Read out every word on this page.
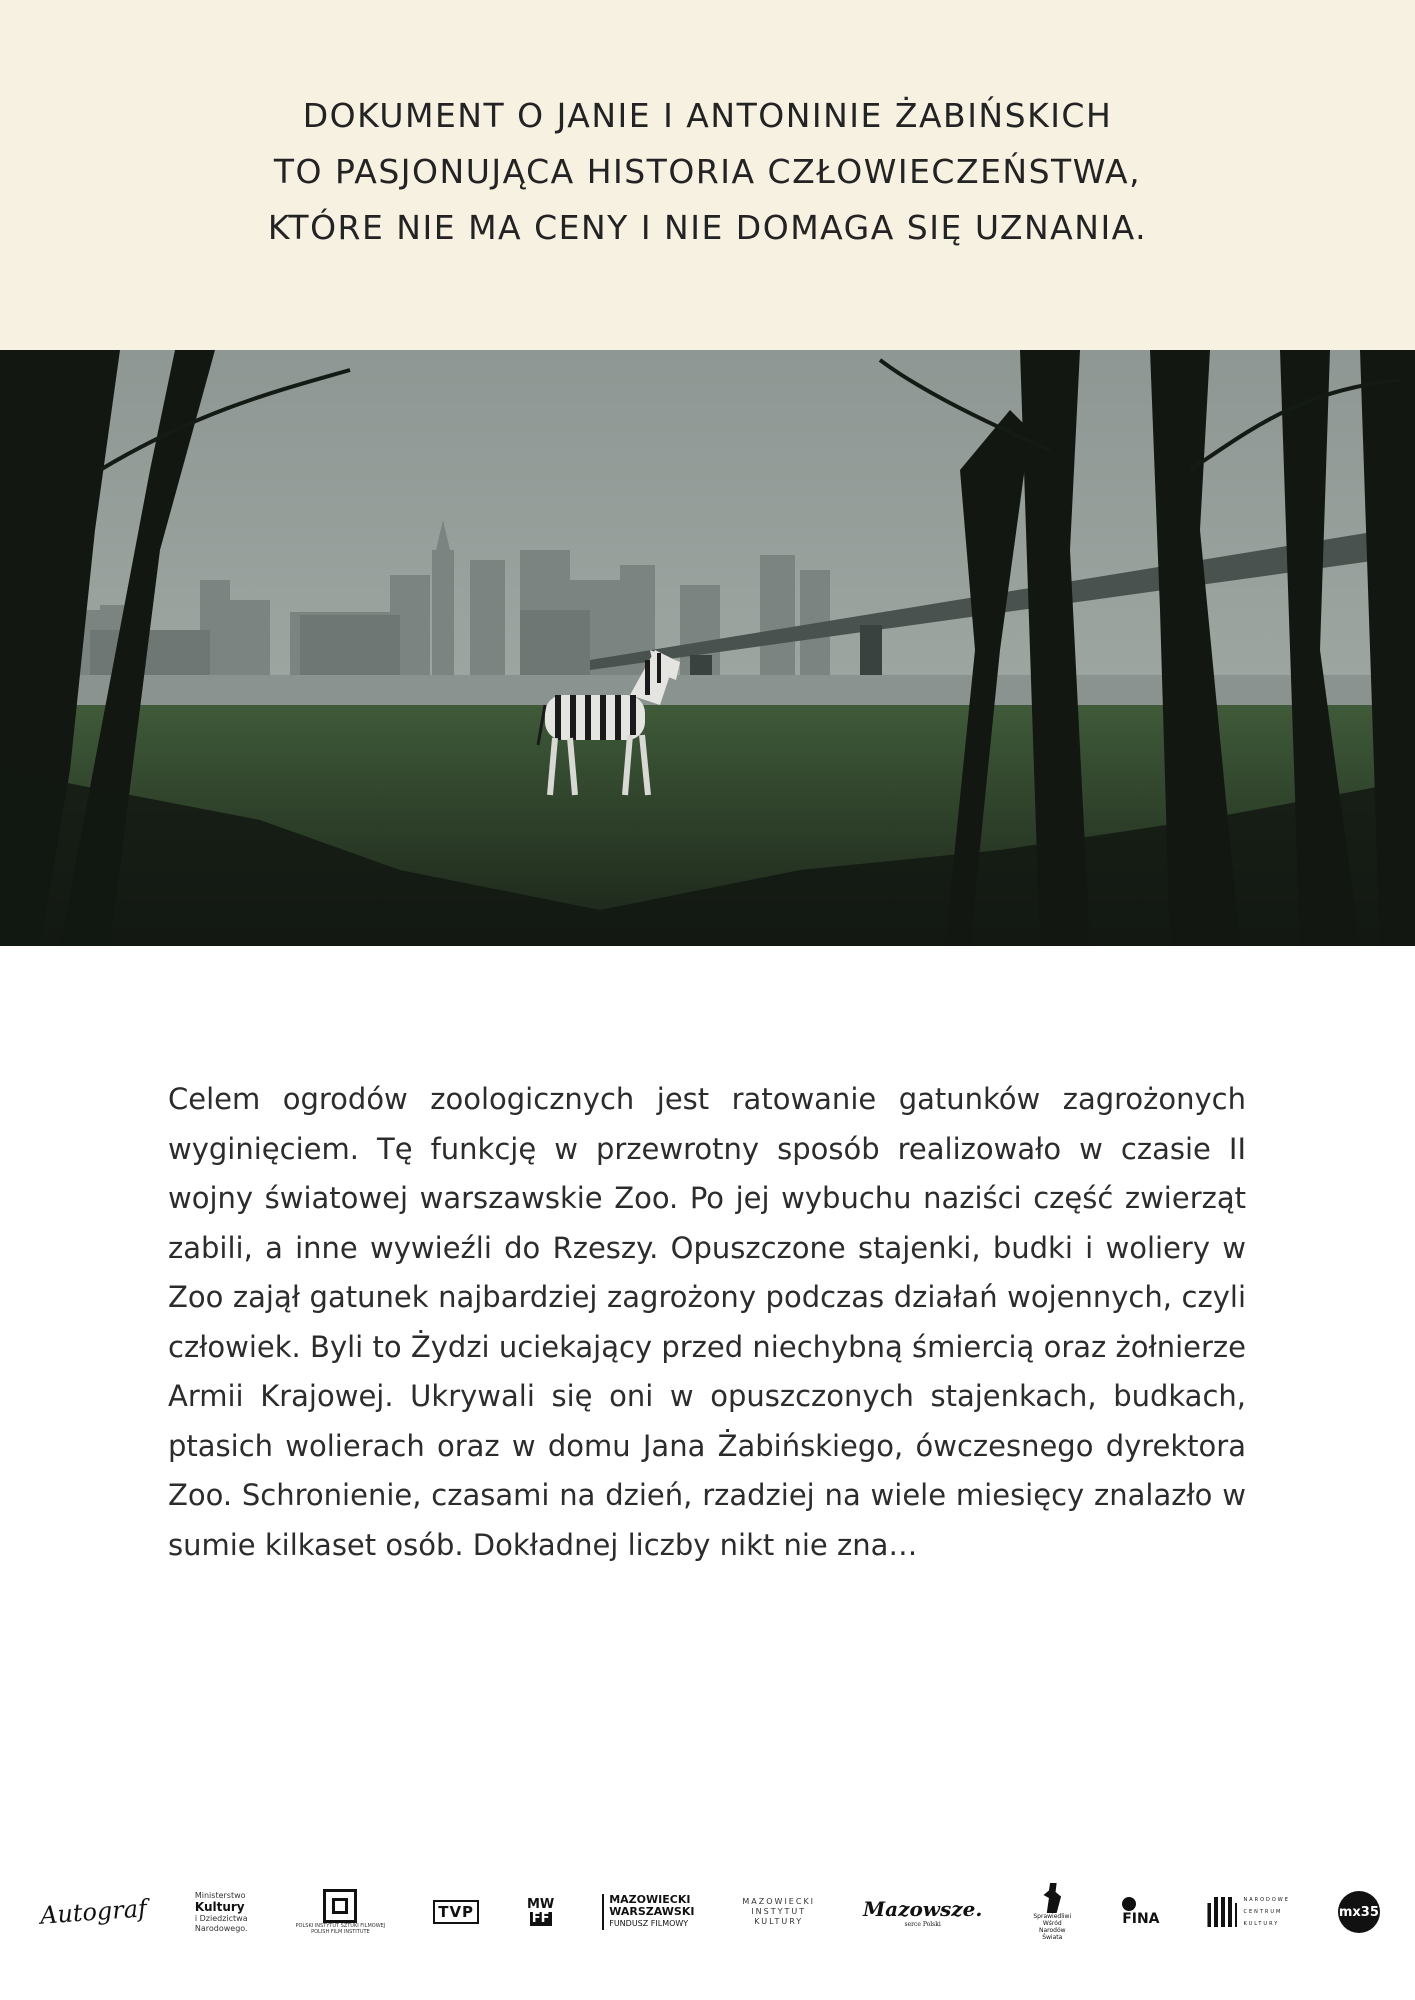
DOKUMENT O JANIE I ANTONINIE ŻABIŃSKICH
TO PASJONUJĄCA HISTORIA CZŁOWIECZEŃSTWA,
KTÓRE NIE MA CENY I NIE DOMAGA SIĘ UZNANIA.

Celem ogrodów zoologicznych jest ratowanie gatunków zagrożonych wyginięciem. Tę funkcję w przewrotny sposób realizowało w czasie II wojny światowej warszawskie Zoo. Po jej wybuchu naziści część zwierząt zabili, a inne wywieźli do Rzeszy. Opuszczone stajenki, budki i woliery w Zoo zajął gatunek najbardziej zagrożony podczas działań wojennych, czyli człowiek. Byli to Żydzi uciekający przed niechybną śmiercią oraz żołnierze Armii Krajowej. Ukrywali się oni w opuszczonych stajenkach, budkach, ptasich wolierach oraz w domu Jana Żabińskiego, ówczesnego dyrektora Zoo. Schronienie, czasami na dzień, rzadziej na wiele miesięcy znalazło w sumie kilkaset osób. Dokładnej liczby nikt nie zna…

Autograf	Ministerstwo
Kultury
i Dziedzictwa
Narodowego.	POLSKI INSTYTUT SZTUKI FILMOWEJ
POLISH FILM INSTITUTE
TVP	MW
FF
MAZOWIECKI
WARSZAWSKI
FUNDUSZ FILMOWY
MAZOWIECKI
INSTYTUT
KULTURY
Mazowsze.
serce Polski
Sprawiedliwi Wśród Narodów Świata
FINA
NARODOWE
CENTRUM
KULTURY
mx35
